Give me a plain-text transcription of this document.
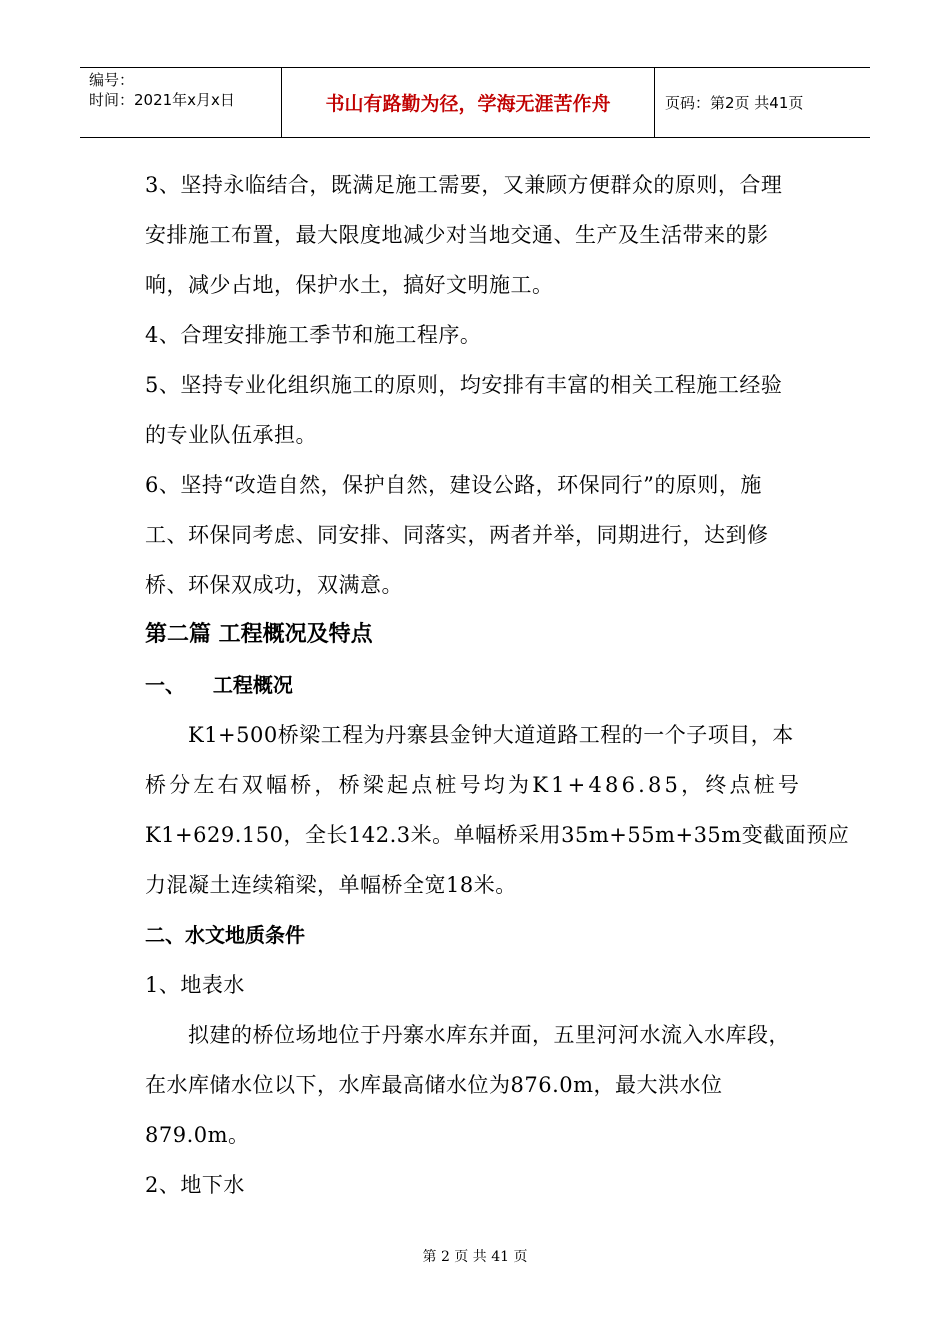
编号：
时间：2021年x月x日	书山有路勤为径，学海无涯苦作舟	页码：第2页 共41页

3、坚持永临结合，既满足施工需要，又兼顾方便群众的原则，合理

安排施工布置，最大限度地减少对当地交通、生产及生活带来的影

响，减少占地，保护水土，搞好文明施工。

4、合理安排施工季节和施工程序。

5、坚持专业化组织施工的原则，均安排有丰富的相关工程施工经验

的专业队伍承担。

6、坚持“改造自然，保护自然，建设公路，环保同行”的原则，施

工、环保同考虑、同安排、同落实，两者并举，同期进行，达到修

桥、环保双成功，双满意。

第二篇 工程概况及特点
一、    工程概况

K1+500桥梁工程为丹寨县金钟大道道路工程的一个子项目，本

桥分左右双幅桥，桥梁起点桩号均为K1+486.85，终点桩号

K1+629.150，全长142.3米。单幅桥采用35m+55m+35m变截面预应

力混凝土连续箱梁，单幅桥全宽18米。

二、水文地质条件

1、地表水

拟建的桥位场地位于丹寨水库东并面，五里河河水流入水库段，

在水库储水位以下，水库最高储水位为876.0m，最大洪水位

879.0m。

2、地下水

第 2 页 共 41 页
